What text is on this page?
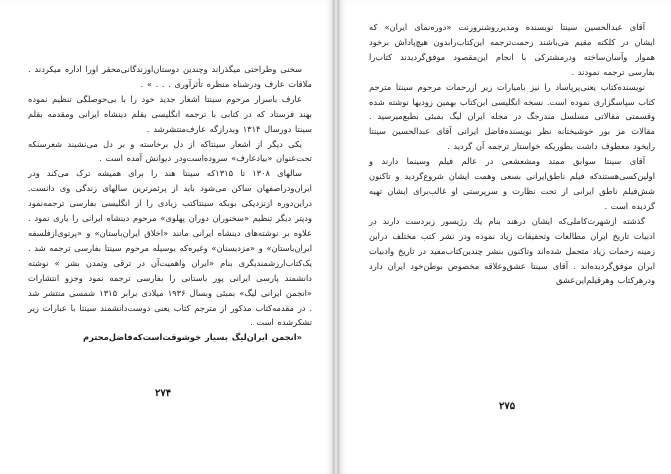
سخنی وطراحتی میگذراند وچندین دوستان‌اوزندگانی‌محقر اورا اداره میکردند . ملاقات عارف ودرشناه منظره تأثرآوری . . . » .
عارف باسرار مرحوم سینتا اشعار جدید خود را با بی‌حوصلگی تنظیم نموده بهند فرستاد که در کتابی با ترجمه انگلیسی بقلم دینشاه ایرانی ومقدمه بقلم سینتا دورسال ۱۳۱۴ وبدرازگه عارف‌منتشرشد .
یکی دیگر از اشعار سینتاکه از دل برخاسته و بر دل می‌نشیند شعرسنکه تحت‌عنوان «بیادعارف» سروده‌است‌ودر دیوانش آمده است .
سالهای ۱۳۰۸ تا ۱۳۱۵که سینتا هند را برای همیشه ترک می‌کند ودر ایران‌ودراصفهان ساکن می‌شود باید از پرثمرترین سالهای زندگی وی دانست. دراین‌دوره ازنزدیکی بوبکه سینتاکتب زیادی را از انگلیسی بفارسی ترجمه‌نمود ودپتر دیگر تنظیم «سخنوران دوران پهلوی» مرحوم دینشاه ایرانی را یاری نمود . علاوه بر نوشته‌های دینشاه ایرانی مانند «اخلاق ایران‌باستان» و «پرتوی‌ازفلسفه ایران‌باستان» و «مزدیسنان» وغیره‌که بوسیله مرحوم سینتا بفارسی ترجمه شد . یک‌کتاب‌ارزشمندیگری بنام «ایران واهمیت‌آن در ترقی وتمدن بشر » نوشته دانشمند پارسی ایرانی پور باستانی را بفارسی ترجمه نمود وجزو انتشارات «انجمن ایرانی لیگ» بمبئی وبسال ۱۹۳۶ میلادی برابر ۱۳۱۵ شمسی منتشر شد . در مقدمه‌کتاب مذکور از مترجم کتاب یعنی دوست‌دانشمند سینتا با عبارات زیر تشکرشده است .
«انجمن ایران‌لیگ بسیار خوشوقت‌است‌که‌فاضل‌محترم
۲۷۴
آقای عبدالحسین سینتا نویسنده ومدیرروشنروزنت «دوره‌نمای ایران» که ایشان در کلکته مقیم می‌باشند زحمت‌ترجمه این‌کتاب‌رابدون هیچ‌پاداش برخود هموار وآسان‌ساخته ودرمشترکی با انجام این‌مقصود موفق‌گردیدند کتاب‌را بفارسی ترجمه نمودند .
نویسنده‌کتاب یعنی‌پرپاساد را نیز بامیارات زیر ازرحمات مرحوم سینتا مترجم کتاب سپاسگزاری نموده است. نسخه انگلیسی این‌کتاب بهمین زودیها نوشته شده وقسمتی مقالاتی مسلسل مندرجگ در مجله ایران لیگ بمبئی بطبع‌میرسید . مقالات مز بور خوشبختانه نظر نویسنده‌فاضل ایرانی آقای عبدالحسین سینتا رابخود معطوف داشت بطوریکه خواستار ترجمه آن گردید .
آقای سینتا سوابق ممتد ومشعشعی در عالم فیلم وسینما دارند و اولین‌کسی‌هستندکه فیلم ناطق‌ایرانی بسعی وهمت ایشان شروع‌گردید و تاکنون شش‌فیلم ناطق ایرانی از تحت نظارت و سرپرستی او غالب‌برای ایشان تهیه گردیده است .
گذشته ازشهرت‌کاملی‌که ایشان درهند بنام یك رژیسور زبردست دارند در ادبیات تاریخ ایران مطالعات وتحقیقات زیاد نموده ودر نشر کتب مختلف دراین زمینه زحمات زیاد متحمل شده‌اند وتاکنون بنشر چندین‌کتاب‌مفید در تاریخ وادبیات ایران موفق‌گردیده‌اند . آقای سینتا عشق‌وعلاقه مخصوص بوطن‌خود ایران دارد ودرهرکتاب وهرقیلم‌این‌عشق
۲۷۵
